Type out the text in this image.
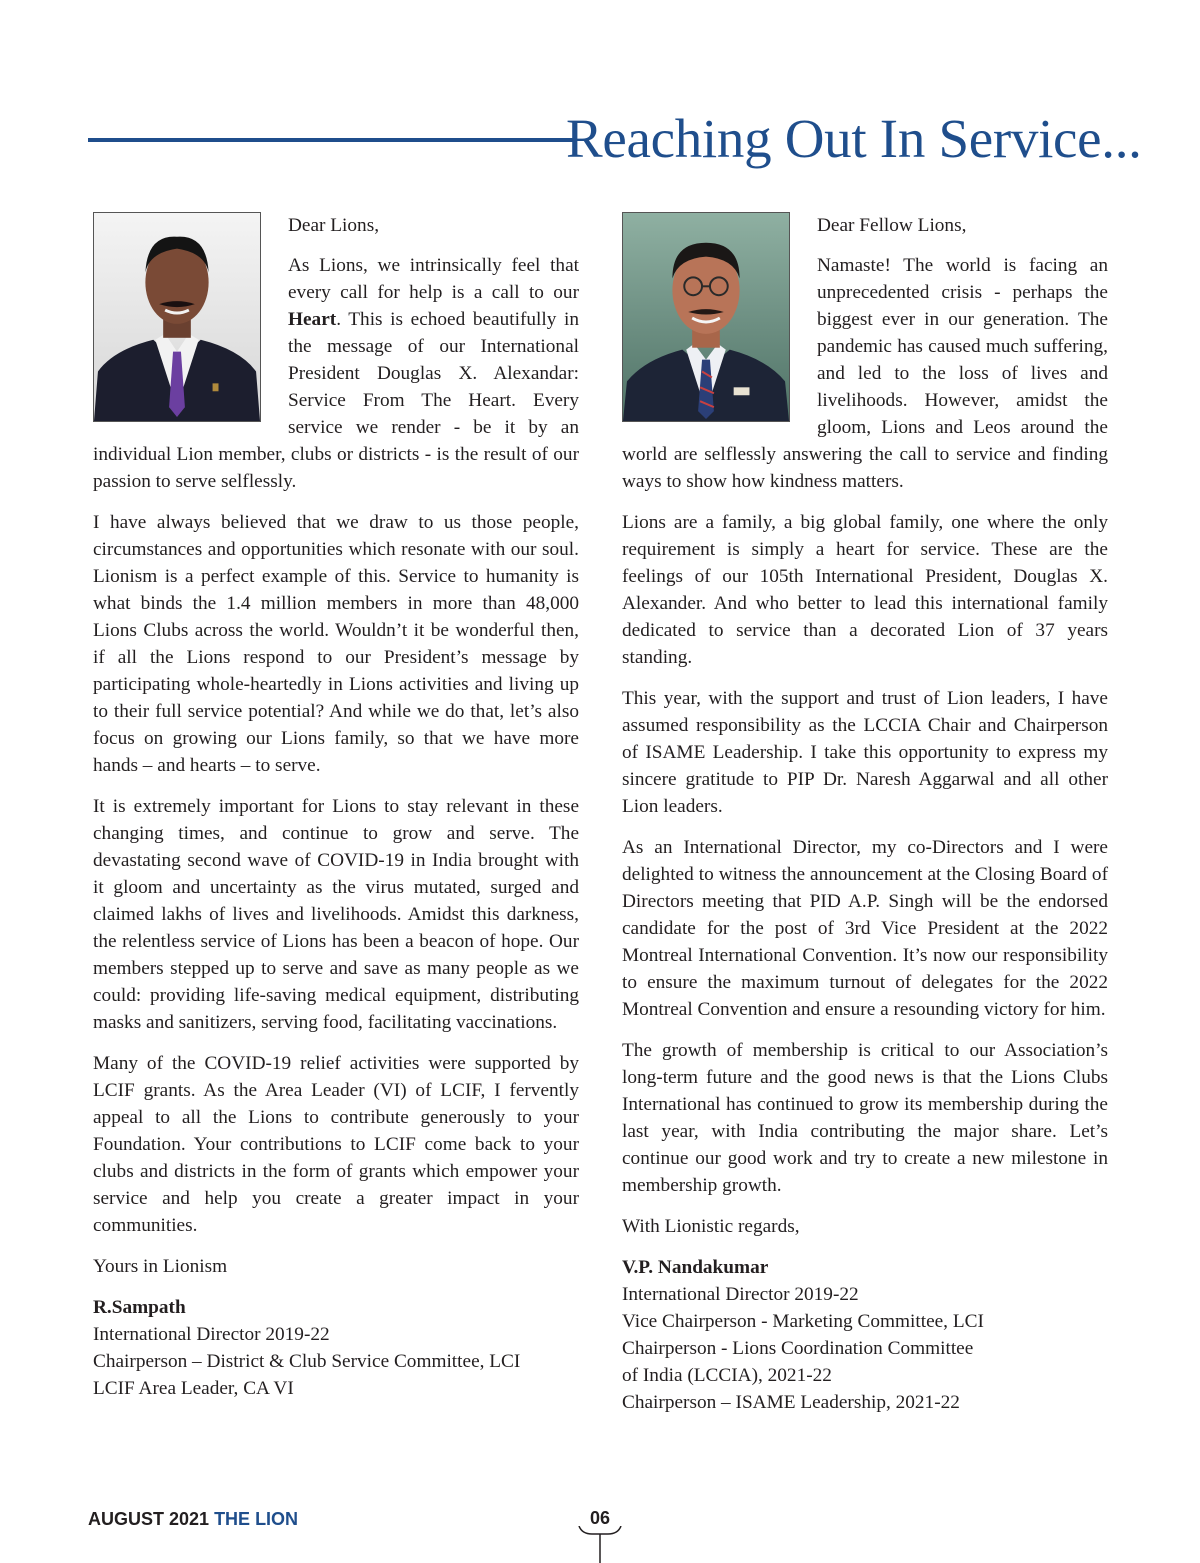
Reaching Out In Service...

Dear Lions,

As Lions, we intrinsically feel that every call for help is a call to our Heart. This is echoed beautifully in the message of our International President Douglas X. Alexandar: Service From The Heart. Every service we render - be it by an individual Lion member, clubs or districts - is the result of our passion to serve selflessly.

I have always believed that we draw to us those people, circumstances and opportunities which resonate with our soul. Lionism is a perfect example of this. Service to humanity is what binds the 1.4 million members in more than 48,000 Lions Clubs across the world. Wouldn’t it be wonderful then, if all the Lions respond to our President’s message by participating whole-heartedly in Lions activities and living up to their full service potential? And while we do that, let’s also focus on growing our Lions family, so that we have more hands – and hearts – to serve.

It is extremely important for Lions to stay relevant in these changing times, and continue to grow and serve. The devastating second wave of COVID-19 in India brought with it gloom and uncertainty as the virus mutated, surged and claimed lakhs of lives and livelihoods. Amidst this darkness, the relentless service of Lions has been a beacon of hope. Our members stepped up to serve and save as many people as we could: providing life-saving medical equipment, distributing masks and sanitizers, serving food, facilitating vaccinations.

Many of the COVID-19 relief activities were supported by LCIF grants. As the Area Leader (VI) of LCIF, I fervently appeal to all the Lions to contribute generously to your Foundation. Your contributions to LCIF come back to your clubs and districts in the form of grants which empower your service and help you create a greater impact in your communities.

Yours in Lionism

R.Sampath
International Director 2019-22
Chairperson – District & Club Service Committee, LCI
LCIF Area Leader, CA VI

Dear Fellow Lions,

Namaste! The world is facing an unprecedented crisis - perhaps the biggest ever in our generation. The pandemic has caused much suffering, and led to the loss of lives and livelihoods. However, amidst the gloom, Lions and Leos around the world are selflessly answering the call to service and finding ways to show how kindness matters.

Lions are a family, a big global family, one where the only requirement is simply a heart for service. These are the feelings of our 105th International President, Douglas X. Alexander. And who better to lead this international family dedicated to service than a decorated Lion of 37 years standing.

This year, with the support and trust of Lion leaders, I have assumed responsibility as the LCCIA Chair and Chairperson of ISAME Leadership. I take this opportunity to express my sincere gratitude to PIP Dr. Naresh Aggarwal and all other Lion leaders.

As an International Director, my co-Directors and I were delighted to witness the announcement at the Closing Board of Directors meeting that PID A.P. Singh will be the endorsed candidate for the post of 3rd Vice President at the 2022 Montreal International Convention. It’s now our responsibility to ensure the maximum turnout of delegates for the 2022 Montreal Convention and ensure a resounding victory for him.

The growth of membership is critical to our Association’s long-term future and the good news is that the Lions Clubs International has continued to grow its membership during the last year, with India contributing the major share. Let’s continue our good work and try to create a new milestone in membership growth.

With Lionistic regards,

V.P. Nandakumar
International Director 2019-22
Vice Chairperson - Marketing Committee, LCI
Chairperson - Lions Coordination Committee
of India (LCCIA), 2021-22
Chairperson – ISAME Leadership, 2021-22
AUGUST 2021 THE LION	06
